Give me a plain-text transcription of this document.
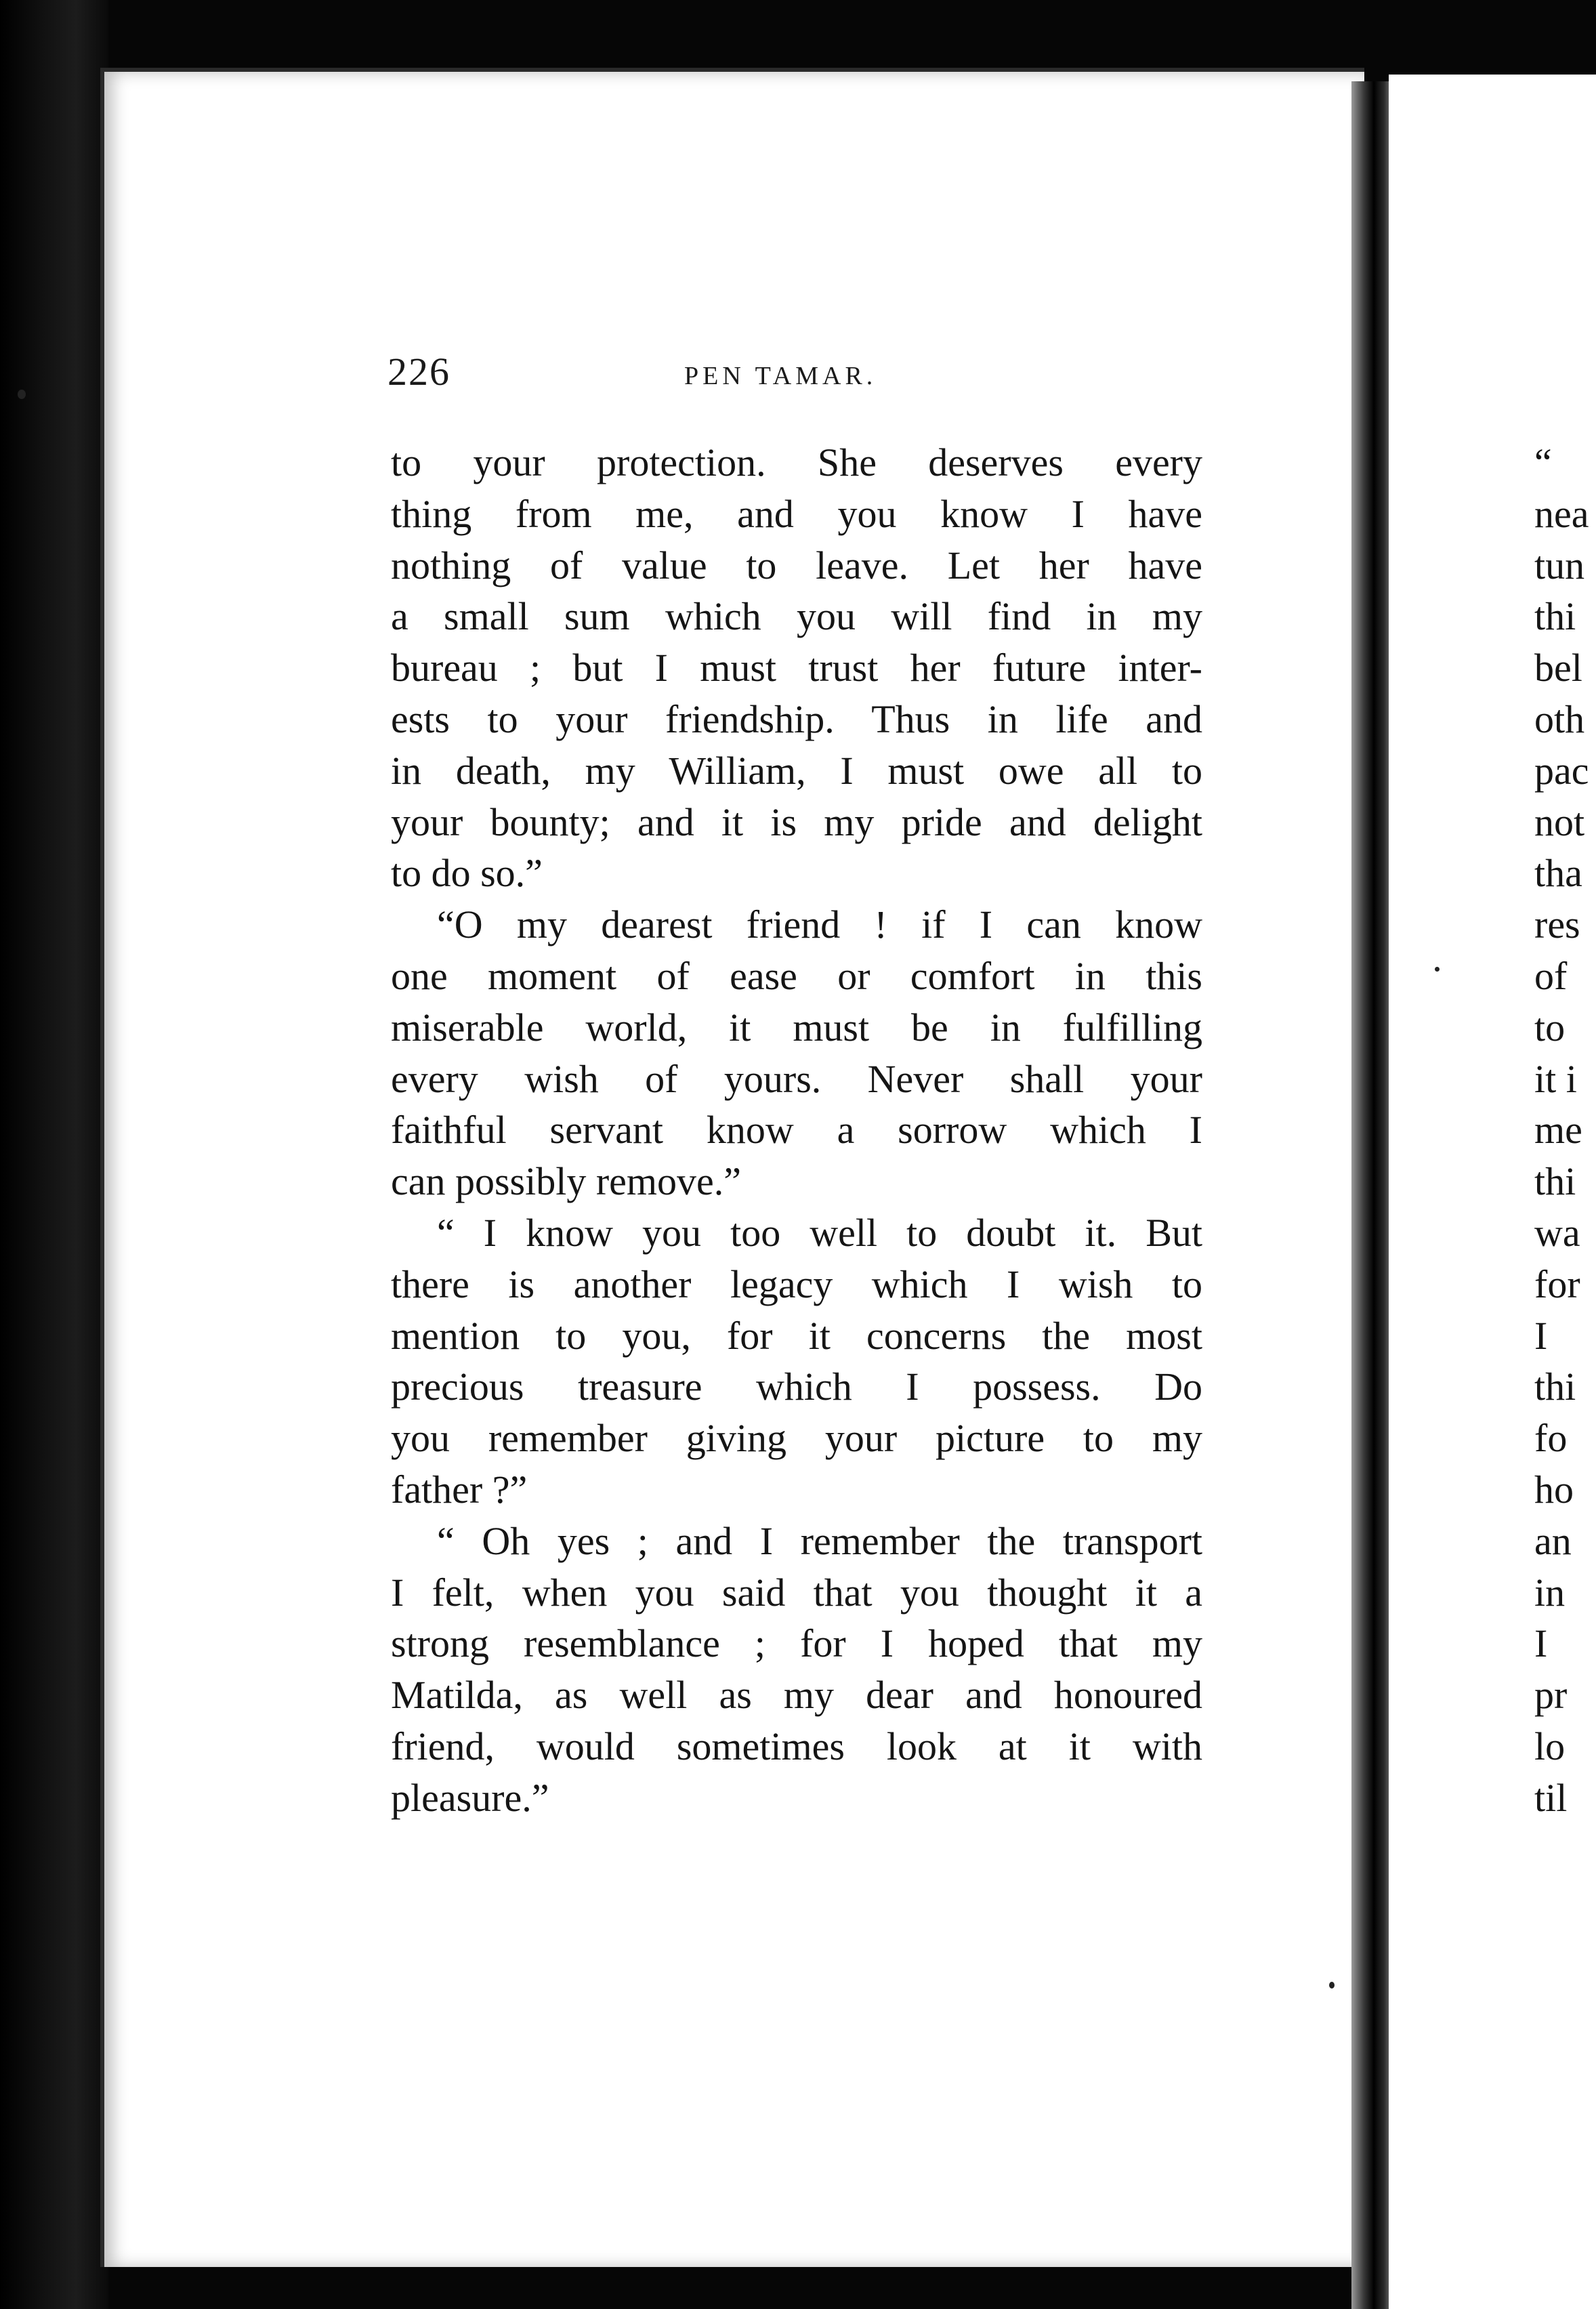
226	PEN TAMAR.
to your protection. She deserves every
thing from me, and you know I have
nothing of value to leave. Let her have
a small sum which you will find in my
bureau ; but I must trust her future inter-
ests to your friendship. Thus in life and
in death, my William, I must owe all to
your bounty; and it is my pride and delight
to do so.”
“O my dearest friend ! if I can know
one moment of ease or comfort in this
miserable world, it must be in fulfilling
every wish of yours. Never shall your
faithful servant know a sorrow which I
can possibly remove.”
“ I know you too well to doubt it. But
there is another legacy which I wish to
mention to you, for it concerns the most
precious treasure which I possess. Do
you remember giving your picture to my
father ?”
“ Oh yes ; and I remember the transport
I felt, when you said that you thought it a
strong resemblance ; for I hoped that my
Matilda, as well as my dear and honoured
friend, would sometimes look at it with
pleasure.”
“
nea
tun
thi
bel
oth
pac
not
tha
res
of
to
it i
me
thi
wa
for
I
thi
fo
ho
an
in
I
pr
lo
til
